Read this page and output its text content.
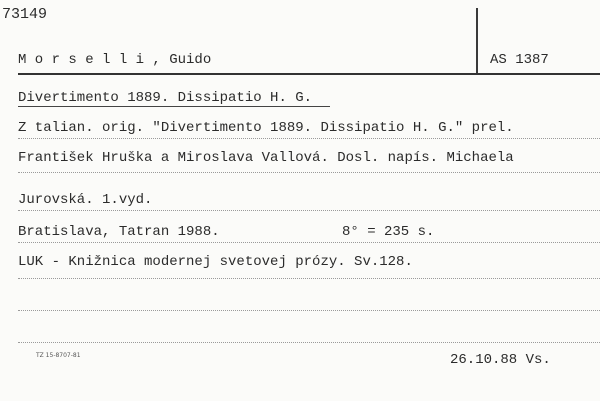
73149
M o r s e l l i , Guido	AS 1387
Divertimento 1889. Dissipatio H. G.
Z talian. orig. "Divertimento 1889. Dissipatio H. G." prel.
František Hruška a Miroslava Vallová. Dosl. napís. Michaela
Jurovská. 1.vyd.
Bratislava, Tatran 1988.	8° = 235 s.
LUK - Knižnica modernej svetovej prózy. Sv.128.
TZ 15-8707-81	26.10.88 Vs.
